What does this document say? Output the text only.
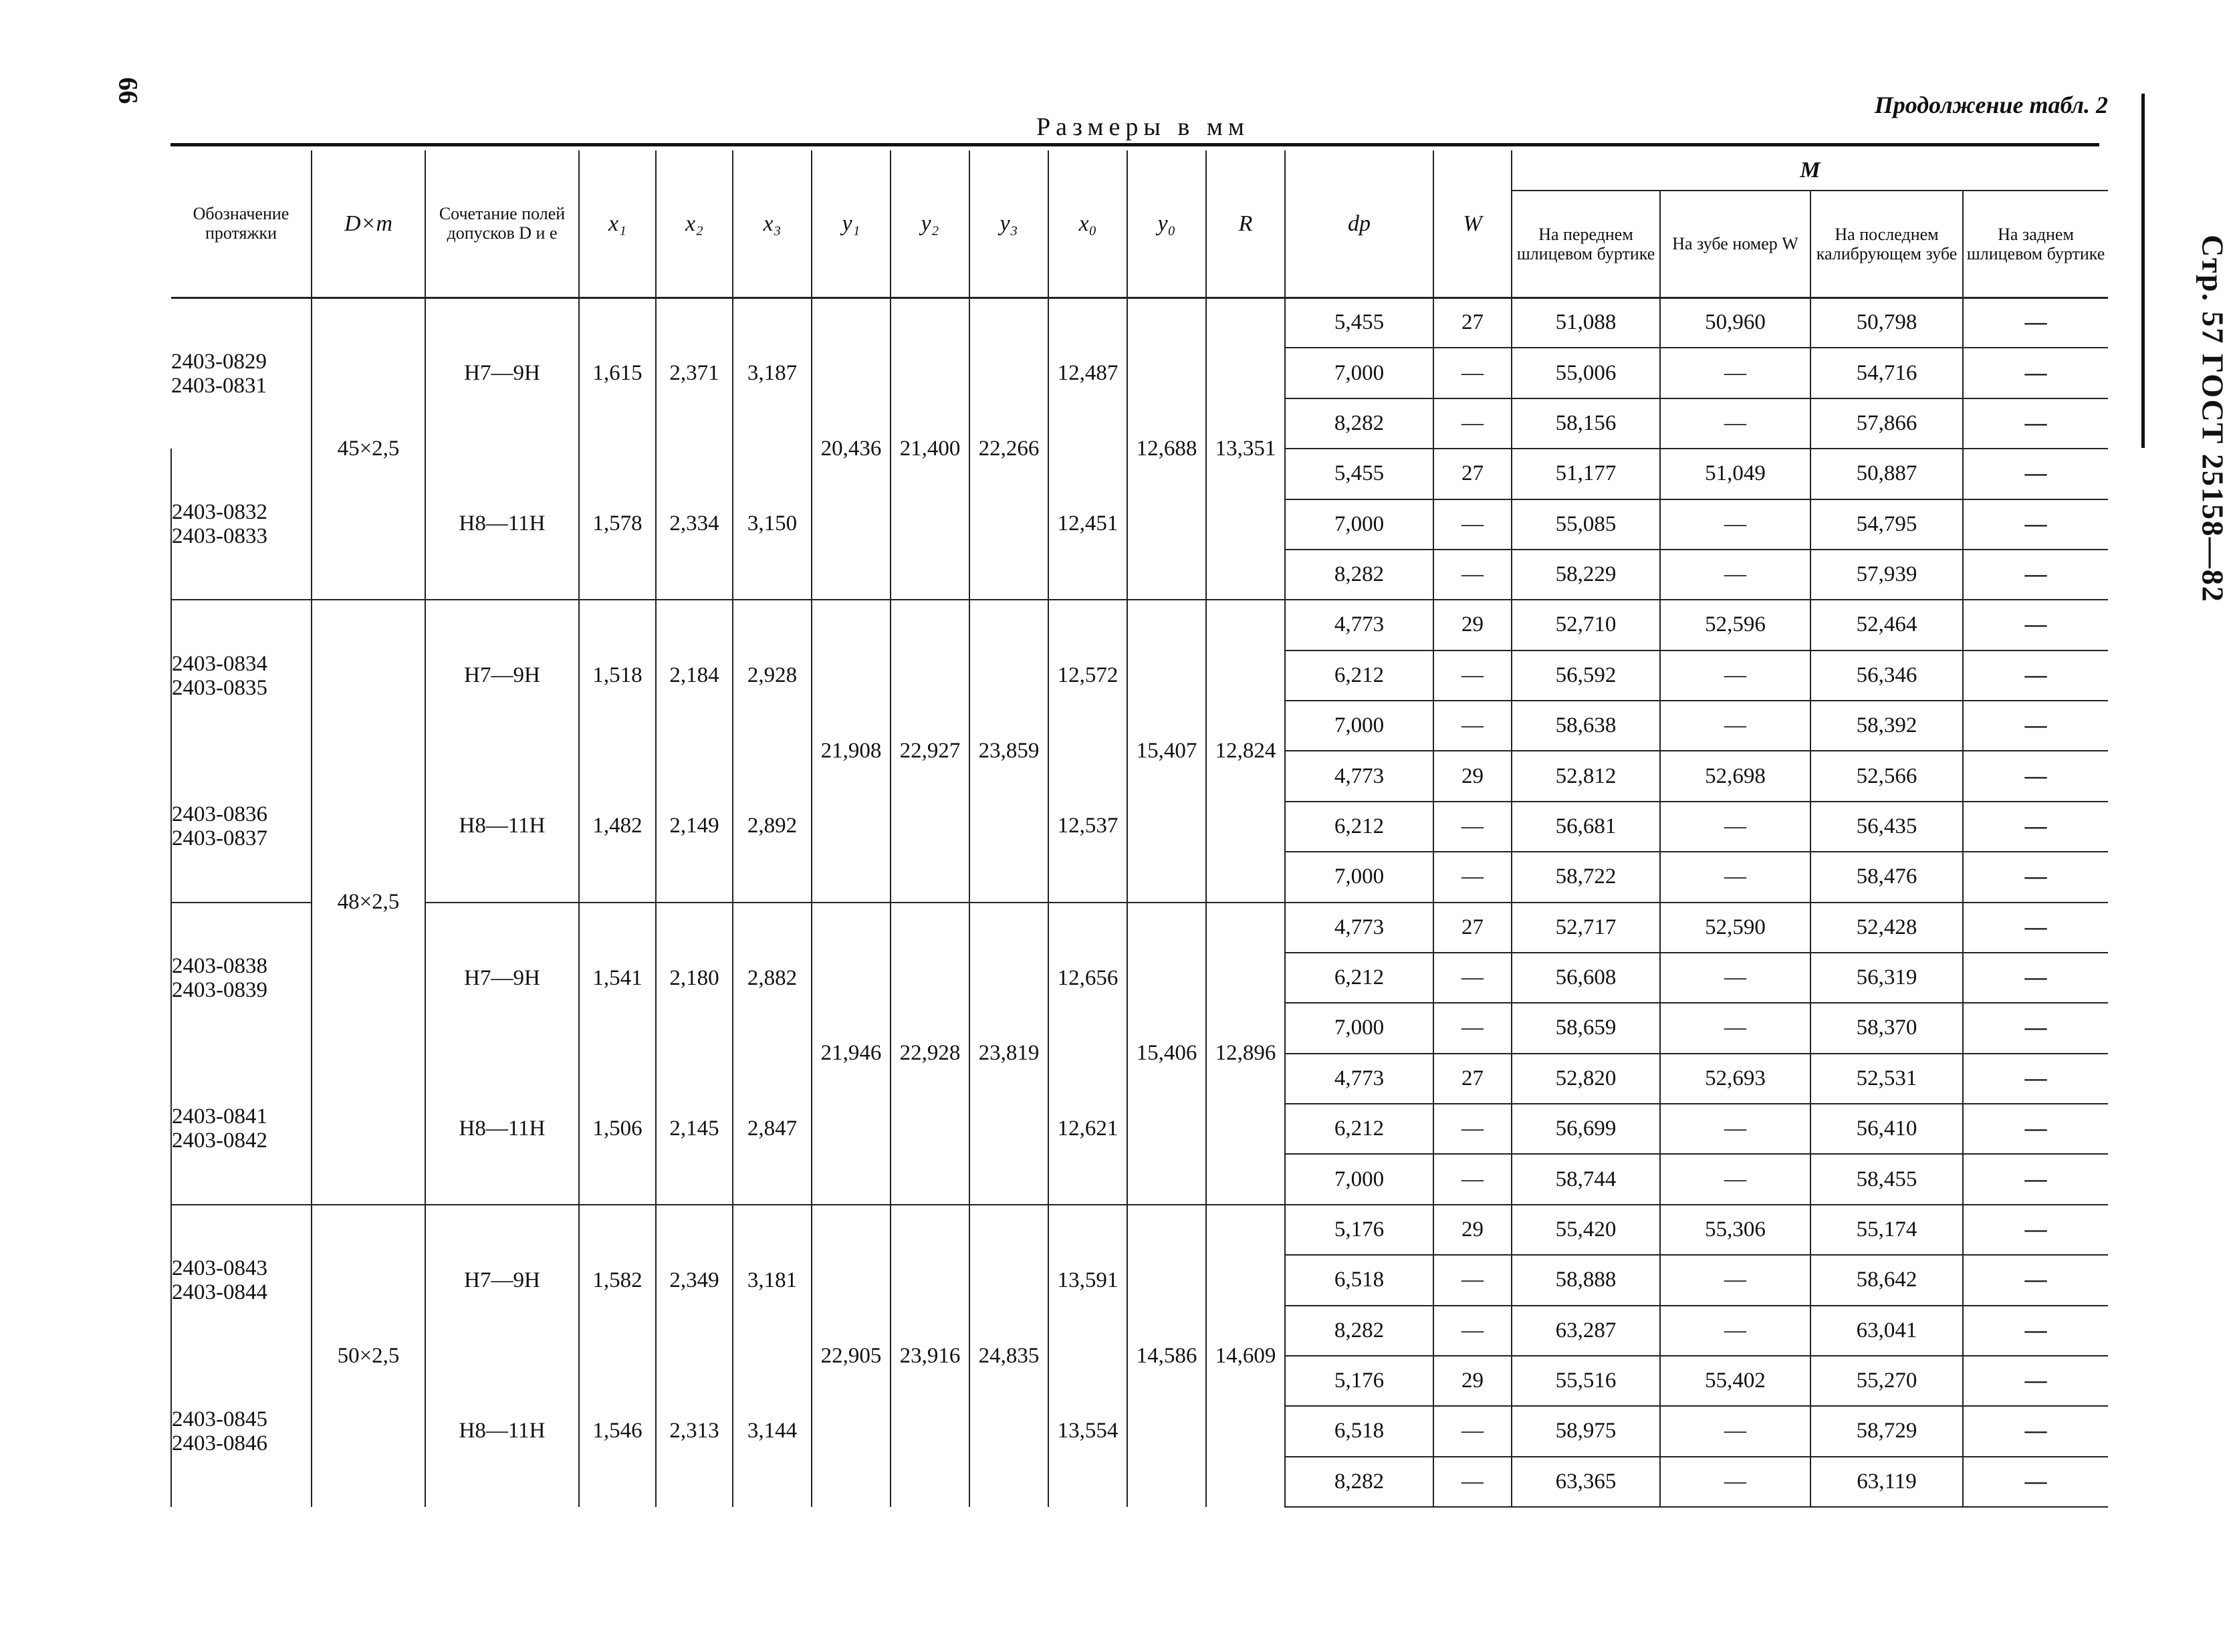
66
Продолжение табл. 2
Размеры в мм
Стр. 57 ГОСТ 25158—82
Обозначение протяжки	D×m	Сочетание полей допусков D и e	x₁	x₂	x₃	y₁	y₂	y₃	x₀	y₀	R	dp	W	M			
														На переднем шлицевом буртике	На зубе номер W	На последнем калибрующем зубе	На заднем шлицевом буртике
2403-0829
2403-0831	45×2,5	H7—9H	1,615	2,371	3,187	20,436	21,400	22,266	12,487	12,688	13,351	5,455	27	51,088	50,960	50,798	—
												7,000	—	55,006	—	54,716	—
												8,282	—	58,156	—	57,866	—
2403-0832
2403-0833		H8—11H	1,578	2,334	3,150				12,451			5,455	27	51,177	51,049	50,887	—
												7,000	—	55,085	—	54,795	—
												8,282	—	58,229	—	57,939	—
2403-0834
2403-0835	48×2,5	H7—9H	1,518	2,184	2,928	21,908	22,927	23,859	12,572	15,407	12,824	4,773	29	52,710	52,596	52,464	—
												6,212	—	56,592	—	56,346	—
												7,000	—	58,638	—	58,392	—
2403-0836
2403-0837		H8—11H	1,482	2,149	2,892				12,537			4,773	29	52,812	52,698	52,566	—
												6,212	—	56,681	—	56,435	—
												7,000	—	58,722	—	58,476	—
2403-0838
2403-0839		H7—9H	1,541	2,180	2,882	21,946	22,928	23,819	12,656	15,406	12,896	4,773	27	52,717	52,590	52,428	—
												6,212	—	56,608	—	56,319	—
												7,000	—	58,659	—	58,370	—
2403-0841
2403-0842		H8—11H	1,506	2,145	2,847				12,621			4,773	27	52,820	52,693	52,531	—
												6,212	—	56,699	—	56,410	—
												7,000	—	58,744	—	58,455	—
2403-0843
2403-0844	50×2,5	H7—9H	1,582	2,349	3,181	22,905	23,916	24,835	13,591	14,586	14,609	5,176	29	55,420	55,306	55,174	—
												6,518	—	58,888	—	58,642	—
												8,282	—	63,287	—	63,041	—
2403-0845
2403-0846		H8—11H	1,546	2,313	3,144				13,554			5,176	29	55,516	55,402	55,270	—
												6,518	—	58,975	—	58,729	—
												8,282	—	63,365	—	63,119	—
